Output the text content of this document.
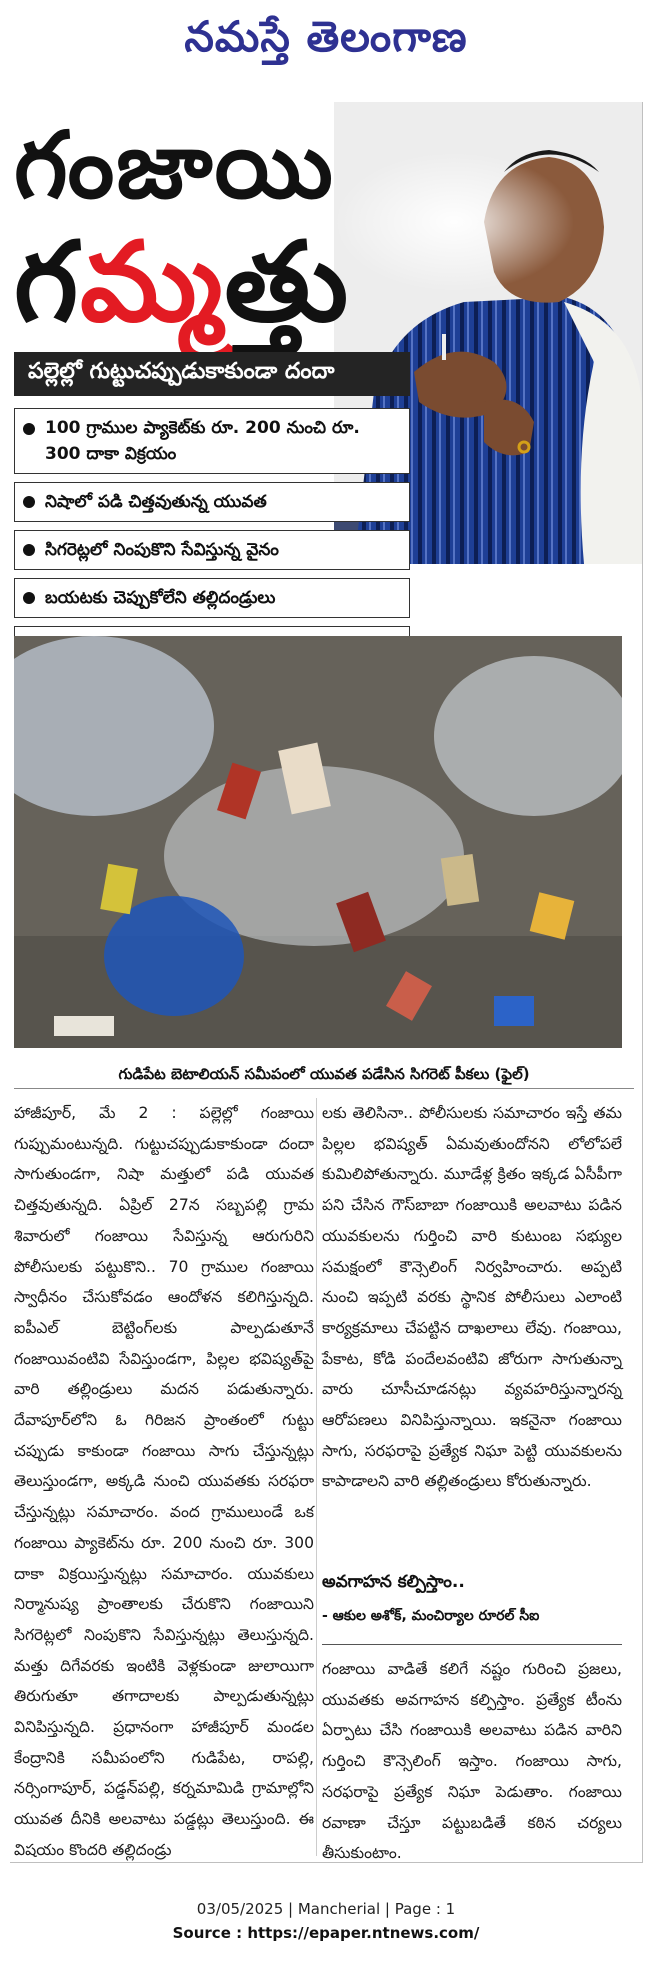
నమస్తే తెలంగాణ
గంజాయి
గమ్మత్తు
పల్లెల్లో గుట్టుచప్పుడుకాకుండా దందా
100 గ్రాముల ప్యాకెట్‌కు రూ. 200 నుంచి రూ. 300 దాకా విక్రయం
నిషాలో పడి చిత్తవుతున్న యువత
సిగరెట్లలో నింపుకొని సేవిస్తున్న వైనం
బయటకు చెప్పుకోలేని తల్లిదండ్రులు
గుడిపేట బెటాలియన్ సమీపంలో యువత పడేసిన సిగరెట్ పీకలు (ఫైల్)
హాజీపూర్, మే 2 : పల్లెల్లో గంజాయి గుప్పుమంటున్నది. గుట్టుచప్పుడుకాకుండా దందా సాగుతుండగా, నిషా మత్తులో పడి యువత చిత్తవుతున్నది. ఏప్రిల్ 27న సబ్బపల్లి గ్రామ శివారులో గంజాయి సేవిస్తున్న ఆరుగురిని పోలీసులకు పట్టుకొని.. 70 గ్రాముల గంజాయి స్వాధీనం చేసుకోవడం ఆందోళన కలిగిస్తున్నది. ఐపీఎల్ బెట్టింగ్‌లకు పాల్పడుతూనే గంజాయివంటివి సేవిస్తుండగా, పిల్లల భవిష్యత్‌పై వారి తల్లిండ్రులు మదన పడుతున్నారు. దేవాపూర్‌లోని ఓ గిరిజన ప్రాంతంలో గుట్టు చప్పుడు కాకుండా గంజాయి సాగు చేస్తున్నట్లు తెలుస్తుండగా, అక్కడి నుంచి యువతకు సరఫరా చేస్తున్నట్లు సమాచారం. వంద గ్రాములుండే ఒక గంజాయి ప్యాకెట్‌ను రూ. 200 నుంచి రూ. 300 దాకా విక్రయిస్తున్నట్లు సమాచారం. యువకులు నిర్మానుష్య ప్రాంతాలకు చేరుకొని గంజాయిని సిగరెట్లలో నింపుకొని సేవిస్తున్నట్లు తెలుస్తున్నది. మత్తు దిగేవరకు ఇంటికి వెళ్లకుండా జులాయిగా తిరుగుతూ తగాదాలకు పాల్పడుతున్నట్లు వినిపిస్తున్నది. ప్రధానంగా హాజీపూర్ మండల కేంద్రానికి సమీపంలోని గుడిపేట, రాపల్లి, నర్సింగాపూర్, పడ్డన్‌పల్లి, కర్నమామిడి గ్రామాల్లోని యువత దీనికి అలవాటు పడ్డట్లు తెలుస్తుంది. ఈ విషయం కొందరి తల్లిదండ్రు
లకు తెలిసినా.. పోలీసులకు సమాచారం ఇస్తే తమ పిల్లల భవిష్యత్ ఏమవుతుందోనని లోలోపలే కుమిలిపోతున్నారు. మూడేళ్ల క్రితం ఇక్కడ ఏసీపీగా పని చేసిన గౌస్‌బాబా గంజాయికి అలవాటు పడిన యువకులను గుర్తించి వారి కుటుంబ సభ్యుల సమక్షంలో కౌన్సెలింగ్ నిర్వహించారు. అప్పటి నుంచి ఇప్పటి వరకు స్థానిక పోలీసులు ఎలాంటి కార్యక్రమాలు చేపట్టిన దాఖలాలు లేవు. గంజాయి, పేకాట, కోడి పందేలవంటివి జోరుగా సాగుతున్నా వారు చూసీచూడనట్లు వ్యవహరిస్తున్నారన్న ఆరోపణలు వినిపిస్తున్నాయి. ఇకనైనా గంజాయి సాగు, సరఫరాపై ప్రత్యేక నిఘా పెట్టి యువకులను కాపాడాలని వారి తల్లితండ్రులు కోరుతున్నారు.
అవగాహన కల్పిస్తాం..
- ఆకుల అశోక్, మంచిర్యాల రూరల్ సీఐ
గంజాయి వాడితే కలిగే నష్టం గురించి ప్రజలు, యువతకు అవగాహన కల్పిస్తాం. ప్రత్యేక టీంను ఏర్పాటు చేసి గంజాయికి అలవాటు పడిన వారిని గుర్తించి కౌన్సెలింగ్ ఇస్తాం. గంజాయి సాగు, సరఫరాపై ప్రత్యేక నిఘా పెడుతాం. గంజాయి రవాణా చేస్తూ పట్టుబడితే కఠిన చర్యలు తీసుకుంటాం.
03/05/2025 | Mancherial | Page : 1
Source : https://epaper.ntnews.com/
